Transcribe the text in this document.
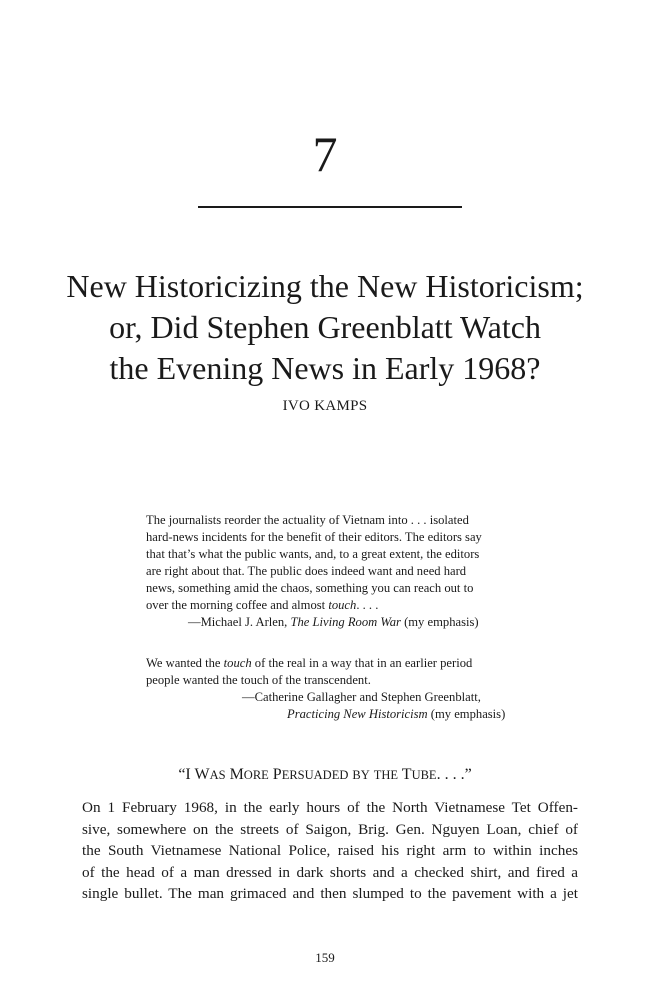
7
New Historicizing the New Historicism;
or, Did Stephen Greenblatt Watch
the Evening News in Early 1968?
IVO KAMPS
The journalists reorder the actuality of Vietnam into . . . isolated
hard-news incidents for the benefit of their editors. The editors say
that that’s what the public wants, and, to a great extent, the editors
are right about that. The public does indeed want and need hard
news, something amid the chaos, something you can reach out to
over the morning coffee and almost touch. . . .
—Michael J. Arlen, The Living Room War (my emphasis)
We wanted the touch of the real in a way that in an earlier period
people wanted the touch of the transcendent.
—Catherine Gallagher and Stephen Greenblatt,
Practicing New Historicism (my emphasis)
“I WAS MORE PERSUADED BY THE TUBE. . . .”
On 1 February 1968, in the early hours of the North Vietnamese Tet Offen-
sive, somewhere on the streets of Saigon, Brig. Gen. Nguyen Loan, chief of
the South Vietnamese National Police, raised his right arm to within inches
of the head of a man dressed in dark shorts and a checked shirt, and fired a
single bullet. The man grimaced and then slumped to the pavement with a jet
159
